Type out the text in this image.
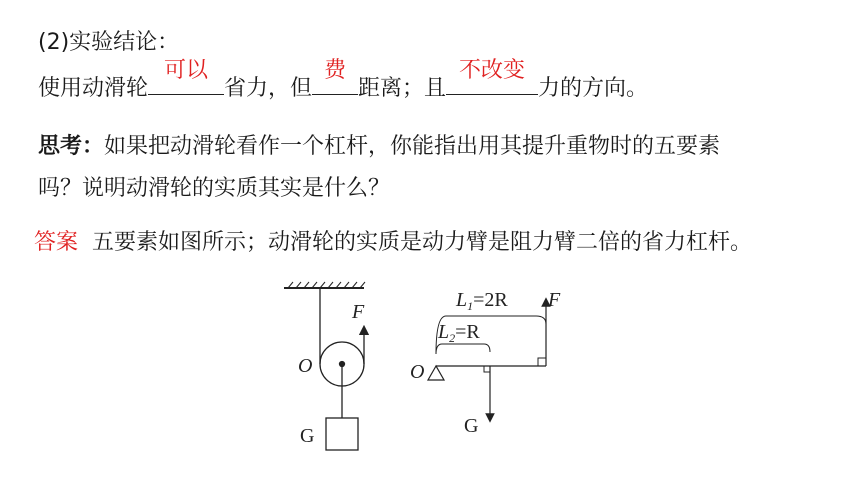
(2)实验结论：
使用动滑轮
可以
省力，但
费
距离；且
不改变
力的方向。
思考：如果把动滑轮看作一个杠杆，你能指出用其提升重物时的五要素
吗？说明动滑轮的实质其实是什么？
答案 五要素如图所示；动滑轮的实质是动力臂是阻力臂二倍的省力杠杆。
F
O
G
$L_1=2R$
$L_2=R$
F
O
G
